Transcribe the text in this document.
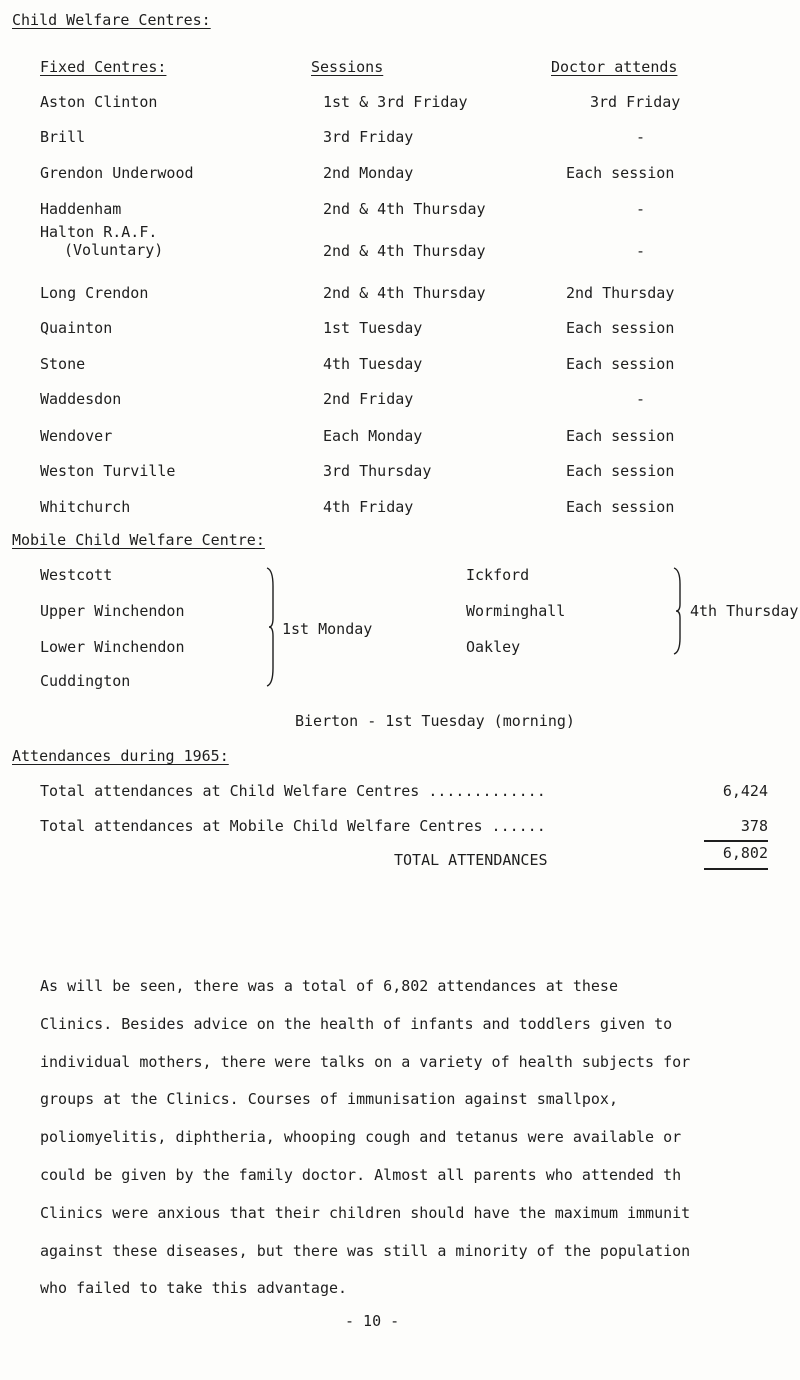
Child Welfare Centres:
Fixed Centres:	Sessions	Doctor attends
Aston Clinton	1st & 3rd Friday	3rd Friday
Brill	3rd Friday	-
Grendon Underwood	2nd Monday	Each session
Haddenham	2nd & 4th Thursday	-
Halton R.A.F.
(Voluntary)	2nd & 4th Thursday	-
Long Crendon	2nd & 4th Thursday	2nd Thursday
Quainton	1st Tuesday	Each session
Stone	4th Tuesday	Each session
Waddesdon	2nd Friday	-
Wendover	Each Monday	Each session
Weston Turville	3rd Thursday	Each session
Whitchurch	4th Friday	Each session
Mobile Child Welfare Centre:
Westcott
Upper Winchendon
Lower Winchendon
Cuddington
1st Monday
Ickford
Worminghall
Oakley
4th Thursday
Bierton - 1st Tuesday (morning)
Attendances during 1965:
Total attendances at Child Welfare Centres .............	6,424
Total attendances at Mobile Child Welfare Centres ......	378
TOTAL ATTENDANCES	6,802
As will be seen, there was a total of 6,802 attendances at these
Clinics. Besides advice on the health of infants and toddlers given to
individual mothers, there were talks on a variety of health subjects for
groups at the Clinics. Courses of immunisation against smallpox,
poliomyelitis, diphtheria, whooping cough and tetanus were available or
could be given by the family doctor. Almost all parents who attended th
Clinics were anxious that their children should have the maximum immunit
against these diseases, but there was still a minority of the population
who failed to take this advantage.
- 10 -
